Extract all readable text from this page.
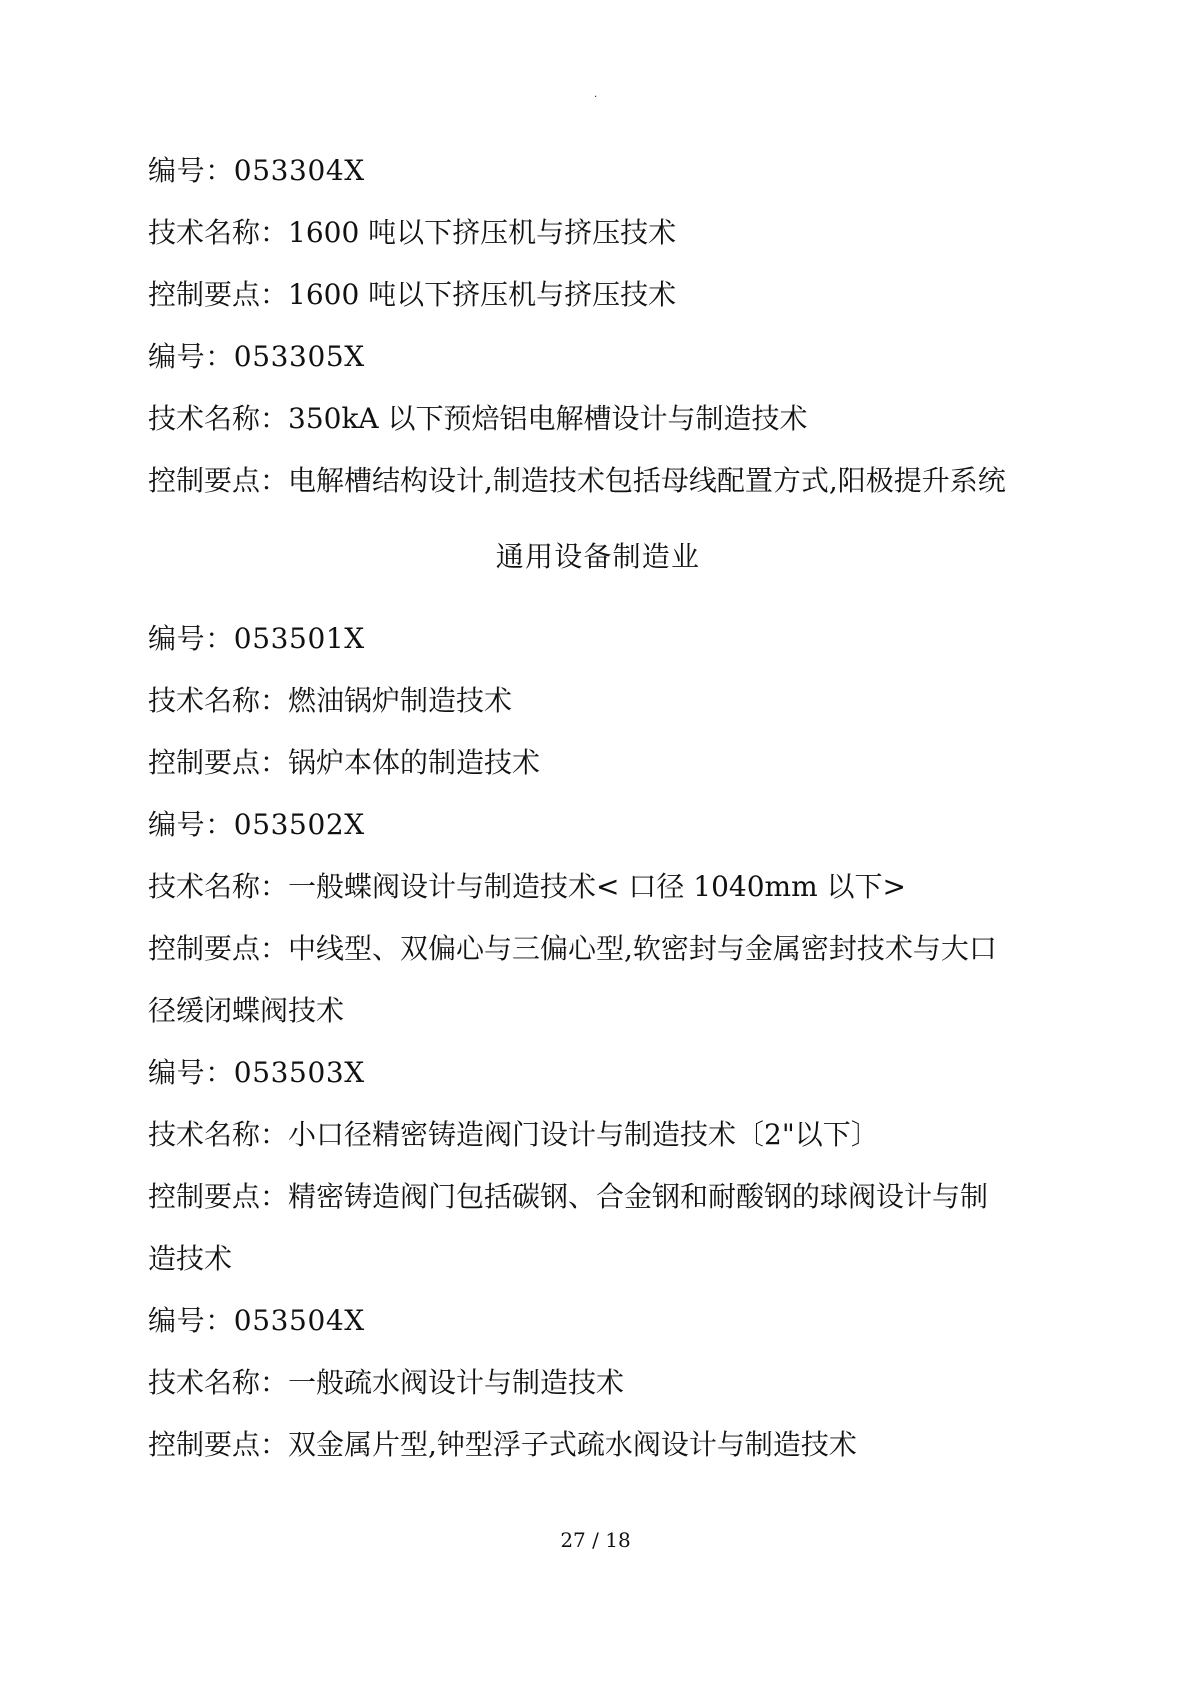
.

编号：053304X

技术名称：1600 吨以下挤压机与挤压技术

控制要点：1600 吨以下挤压机与挤压技术

编号：053305X

技术名称：350kA 以下预焙铝电解槽设计与制造技术

控制要点：电解槽结构设计,制造技术包括母线配置方式,阳极提升系统

通用设备制造业

编号：053501X

技术名称：燃油锅炉制造技术

控制要点：锅炉本体的制造技术

编号：053502X

技术名称：一般蝶阀设计与制造技术< 口径 1040mm 以下>

控制要点：中线型、双偏心与三偏心型,软密封与金属密封技术与大口

径缓闭蝶阀技术

编号：053503X

技术名称：小口径精密铸造阀门设计与制造技术〔2"以下〕

控制要点：精密铸造阀门包括碳钢、合金钢和耐酸钢的球阀设计与制

造技术

编号：053504X

技术名称：一般疏水阀设计与制造技术

控制要点：双金属片型,钟型浮子式疏水阀设计与制造技术

27 / 18
